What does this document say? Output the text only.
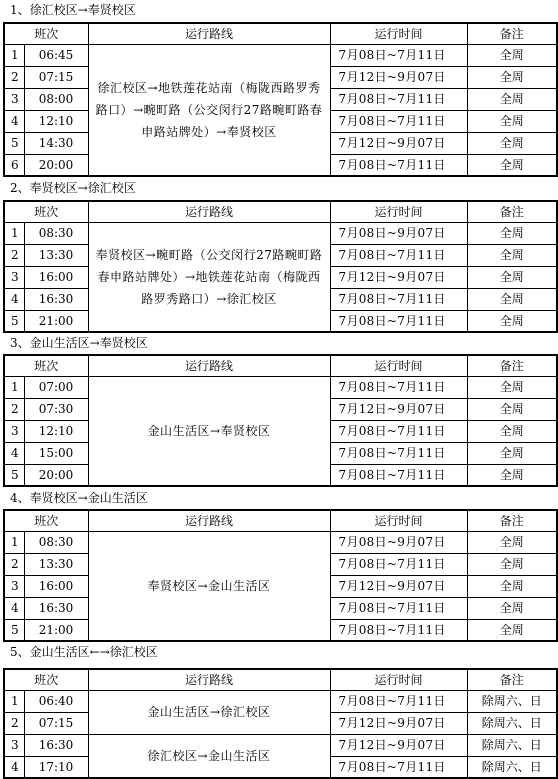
1、徐汇校区→奉贤校区
班次		运行路线	运行时间	备注
1	06:45	徐汇校区→地铁莲花站南（梅陇西路罗秀路口）→畹町路（公交闵行27路畹町路春申路站牌处）→奉贤校区	7月08日~7月11日	全周
2	07:15		7月12日~9月07日	全周
3	08:00		7月08日~7月11日	全周
4	12:10		7月08日~7月11日	全周
5	14:30		7月12日~9月07日	全周
6	20:00		7月08日~7月11日	全周
2、奉贤校区→徐汇校区
班次		运行路线	运行时间	备注
1	08:30	奉贤校区→畹町路（公交闵行27路畹町路春申路站牌处）→地铁莲花站南（梅陇西路罗秀路口）→徐汇校区	7月08日~9月07日	全周
2	13:30		7月08日~7月11日	全周
3	16:00		7月12日~9月07日	全周
4	16:30		7月08日~7月11日	全周
5	21:00		7月08日~7月11日	全周
3、金山生活区→奉贤校区
班次		运行路线	运行时间	备注
1	07:00	金山生活区→奉贤校区	7月08日~7月11日	全周
2	07:30		7月12日~9月07日	全周
3	12:10		7月08日~7月11日	全周
4	15:00		7月08日~7月11日	全周
5	20:00		7月08日~7月11日	全周
4、奉贤校区→金山生活区
班次		运行路线	运行时间	备注
1	08:30	奉贤校区→金山生活区	7月08日~9月07日	全周
2	13:30		7月08日~7月11日	全周
3	16:00		7月12日~9月07日	全周
4	16:30		7月08日~7月11日	全周
5	21:00		7月08日~7月11日	全周
5、金山生活区←→徐汇校区
班次		运行路线	运行时间	备注
1	06:40	金山生活区→徐汇校区	7月08日~7月11日	除周六、日
2	07:15		7月12日~9月07日	除周六、日
3	16:30	徐汇校区→金山生活区	7月12日~9月07日	除周六、日
4	17:10		7月08日~7月11日	除周六、日
